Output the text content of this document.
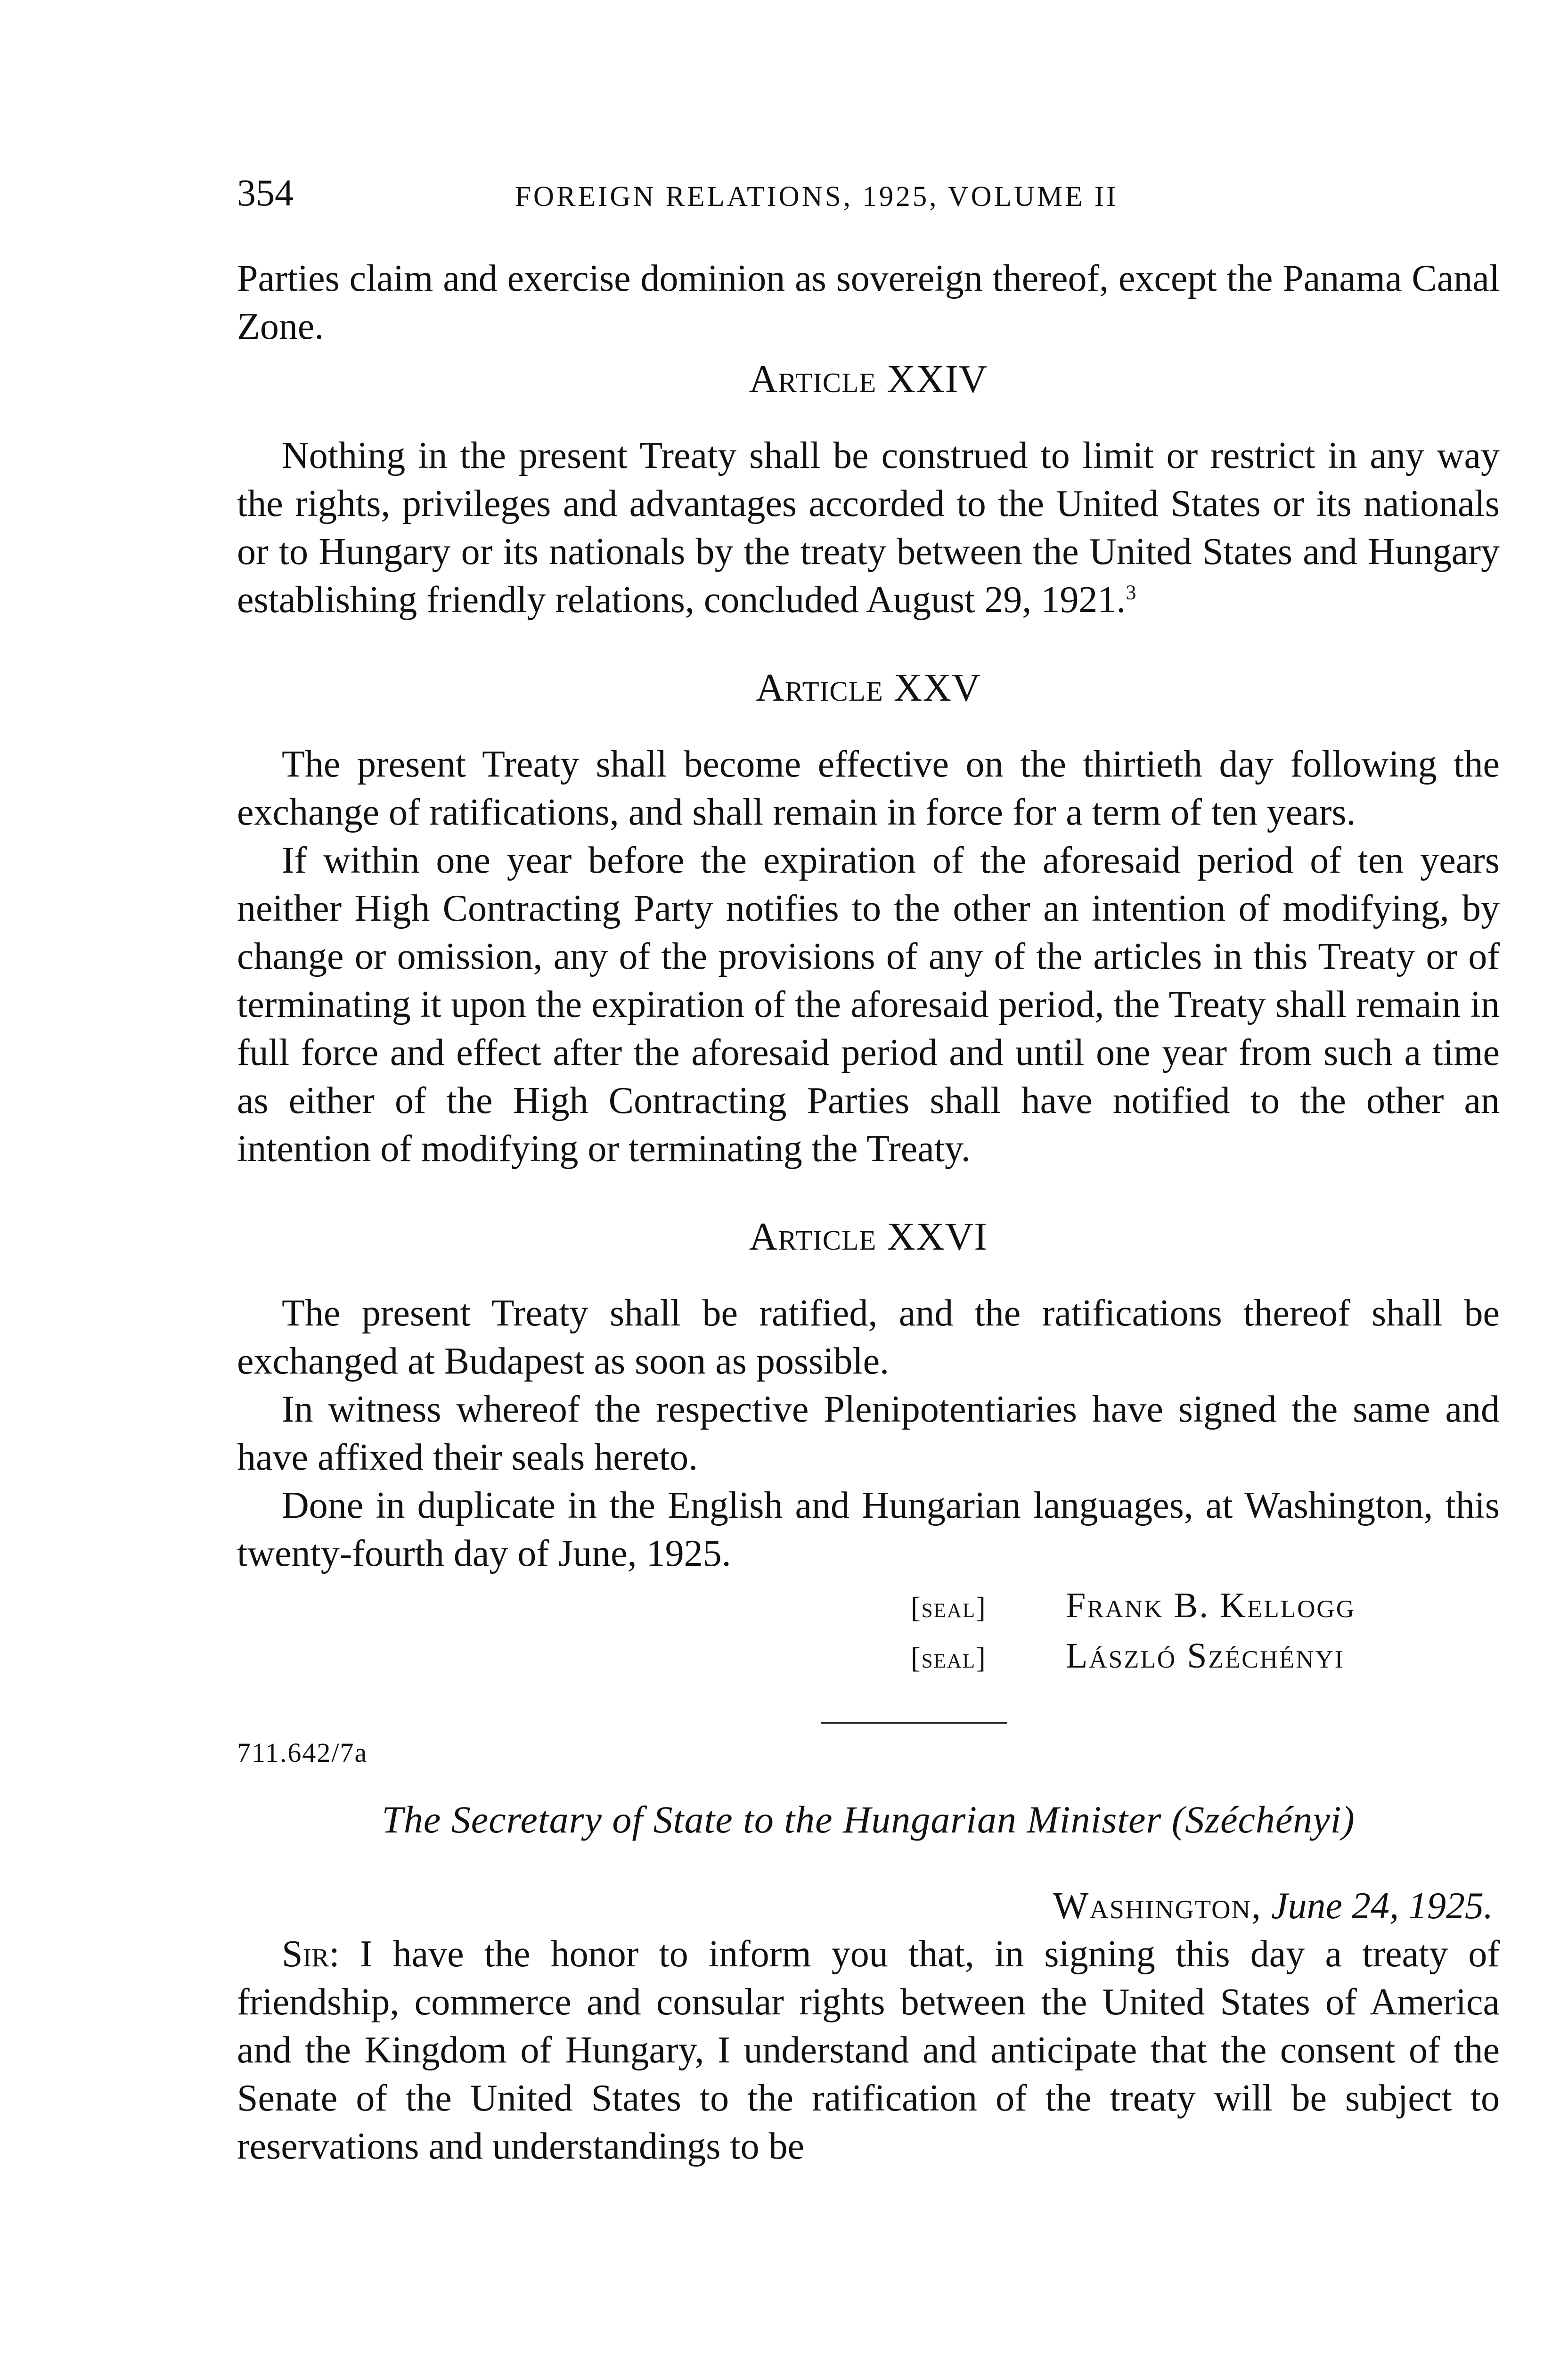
354	FOREIGN RELATIONS, 1925, VOLUME II

Parties claim and exercise dominion as sovereign thereof, except the Panama Canal Zone.

Article XXIV

Nothing in the present Treaty shall be construed to limit or restrict in any way the rights, privileges and advantages accorded to the United States or its nationals or to Hungary or its nationals by the treaty between the United States and Hungary establishing friendly relations, concluded August 29, 1921.$^3$

Article XXV

The present Treaty shall become effective on the thirtieth day following the exchange of ratifications, and shall remain in force for a term of ten years.

If within one year before the expiration of the aforesaid period of ten years neither High Contracting Party notifies to the other an intention of modifying, by change or omission, any of the provisions of any of the articles in this Treaty or of terminating it upon the expiration of the aforesaid period, the Treaty shall remain in full force and effect after the aforesaid period and until one year from such a time as either of the High Contracting Parties shall have notified to the other an intention of modifying or terminating the Treaty.

Article XXVI

The present Treaty shall be ratified, and the ratifications thereof shall be exchanged at Budapest as soon as possible.

In witness whereof the respective Plenipotentiaries have signed the same and have affixed their seals hereto.

Done in duplicate in the English and Hungarian languages, at Washington, this twenty-fourth day of June, 1925.

[seal] Frank B. Kellogg
[seal] László Széchényi
711.642/7a
The Secretary of State to the Hungarian Minister (Széchényi)
Washington, June 24, 1925.

Sir: I have the honor to inform you that, in signing this day a treaty of friendship, commerce and consular rights between the United States of America and the Kingdom of Hungary, I understand and anticipate that the consent of the Senate of the United States to the ratification of the treaty will be subject to reservations and understandings to be
